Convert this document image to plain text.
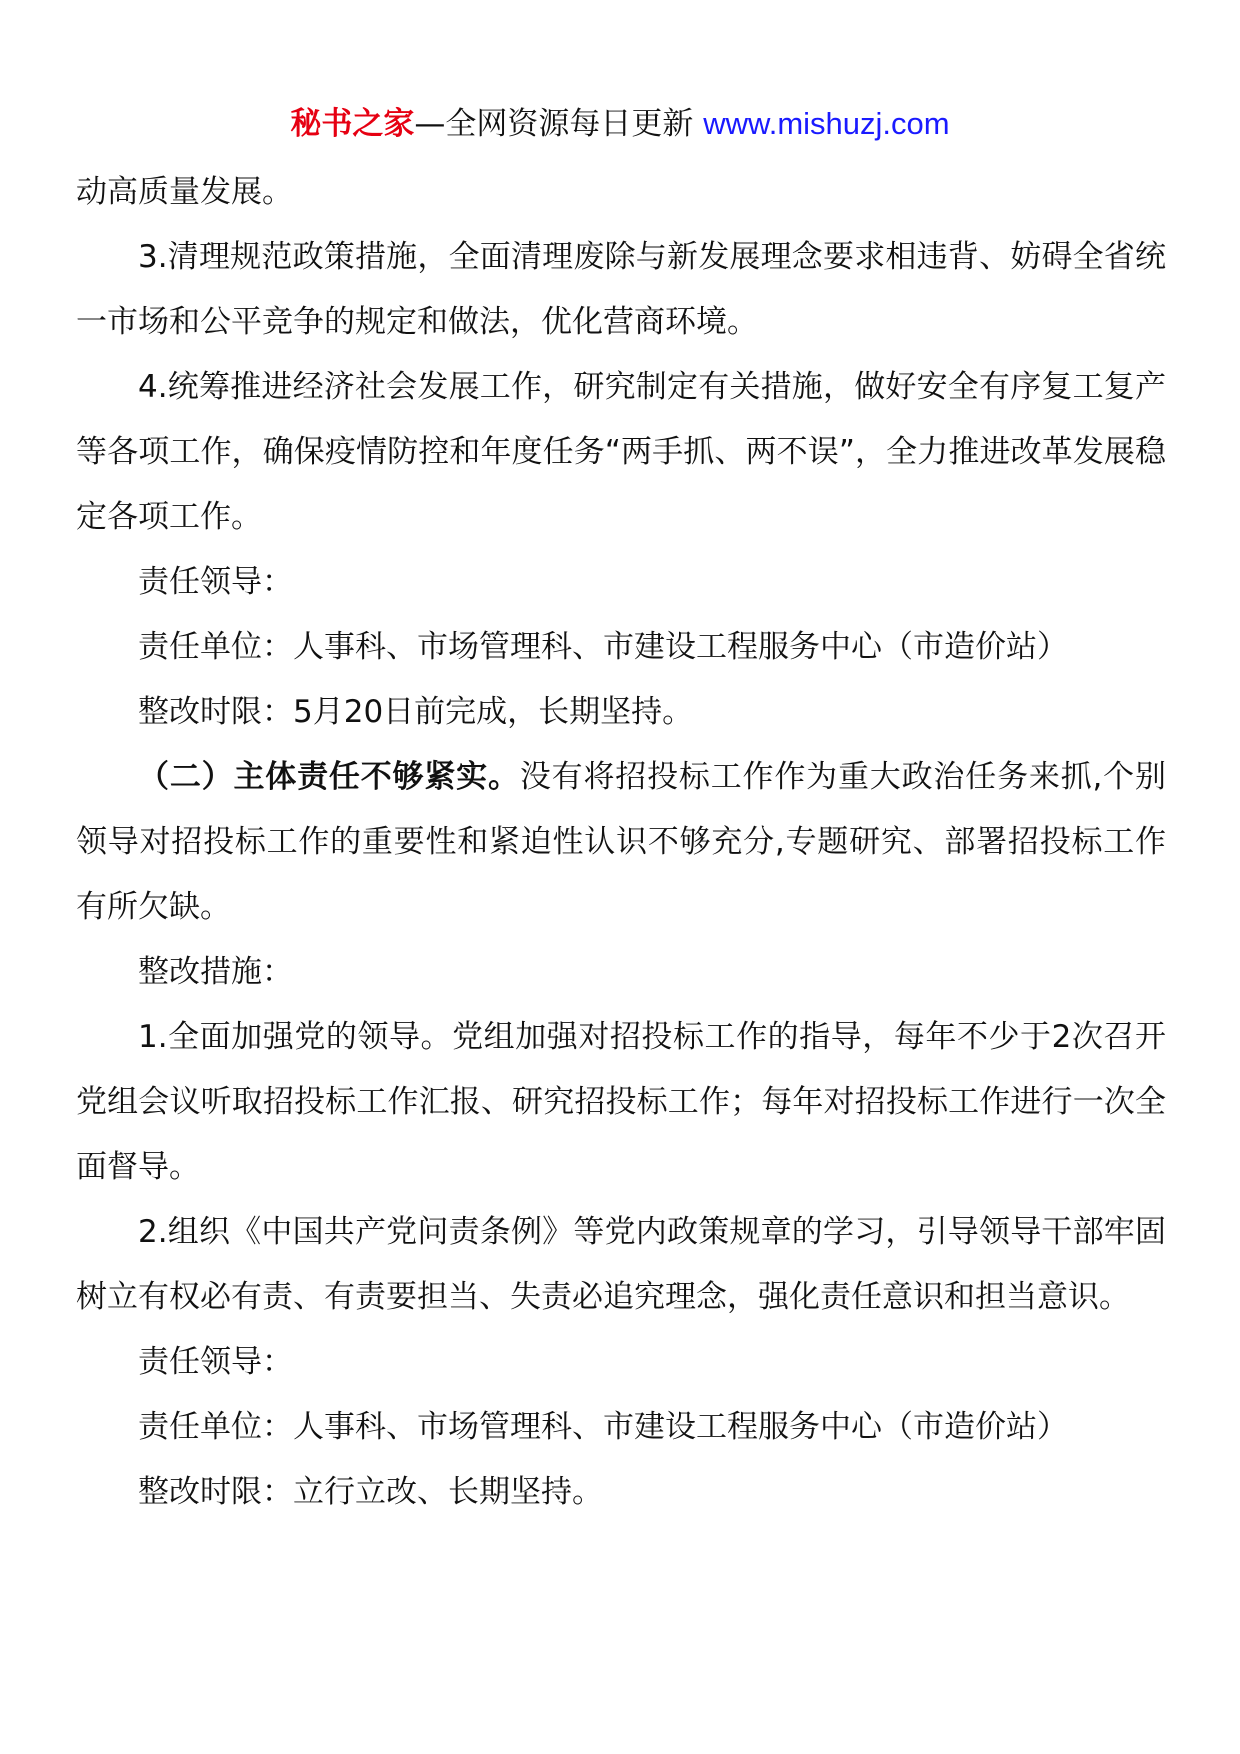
秘书之家—全网资源每日更新 www.mishuzj.com

动高质量发展。

3.清理规范政策措施，全面清理废除与新发展理念要求相违背、妨碍全省统一市场和公平竞争的规定和做法，优化营商环境。

4.统筹推进经济社会发展工作，研究制定有关措施，做好安全有序复工复产等各项工作，确保疫情防控和年度任务“两手抓、两不误”，全力推进改革发展稳定各项工作。

责任领导：

责任单位：人事科、市场管理科、市建设工程服务中心（市造价站）

整改时限：5月20日前完成，长期坚持。

（二）主体责任不够紧实。没有将招投标工作作为重大政治任务来抓,个别领导对招投标工作的重要性和紧迫性认识不够充分,专题研究、部署招投标工作有所欠缺。

整改措施：

1.全面加强党的领导。党组加强对招投标工作的指导，每年不少于2次召开党组会议听取招投标工作汇报、研究招投标工作；每年对招投标工作进行一次全面督导。

2.组织《中国共产党问责条例》等党内政策规章的学习，引导领导干部牢固树立有权必有责、有责要担当、失责必追究理念，强化责任意识和担当意识。

责任领导：

责任单位：人事科、市场管理科、市建设工程服务中心（市造价站）

整改时限：立行立改、长期坚持。
